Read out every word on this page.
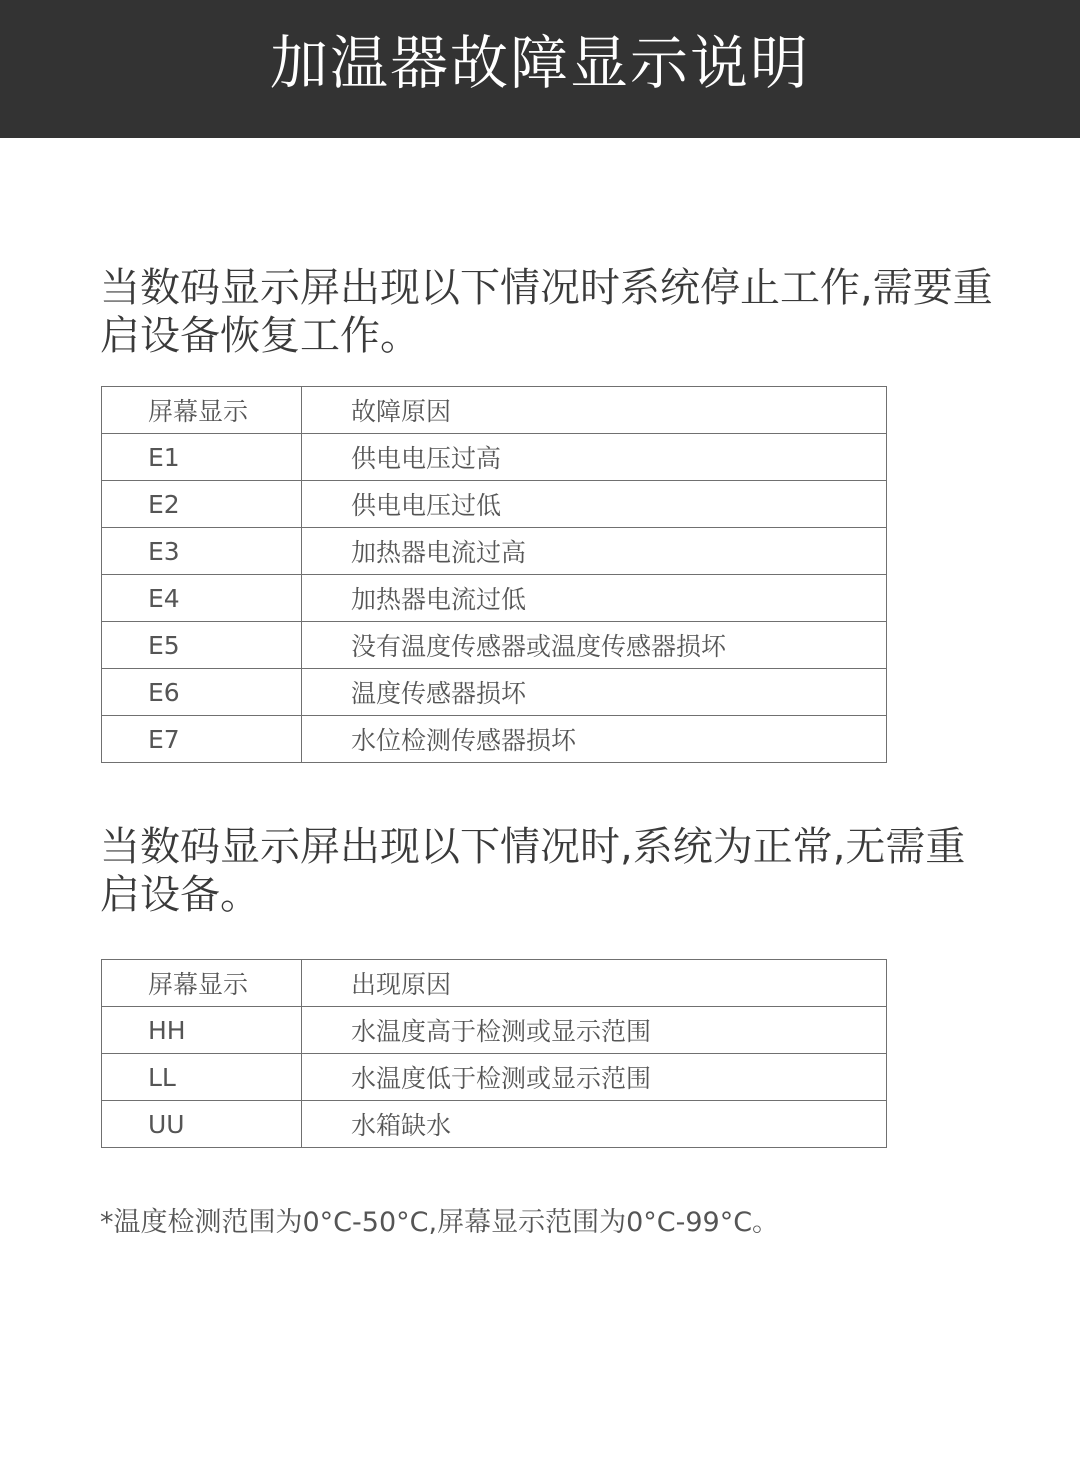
加温器故障显示说明

当数码显示屏出现以下情况时系统停止工作,需要重启设备恢复工作。

屏幕显示	故障原因
E1	供电电压过高
E2	供电电压过低
E3	加热器电流过高
E4	加热器电流过低
E5	没有温度传感器或温度传感器损坏
E6	温度传感器损坏
E7	水位检测传感器损坏

当数码显示屏出现以下情况时,系统为正常,无需重启设备。

屏幕显示	出现原因
HH	水温度高于检测或显示范围
LL	水温度低于检测或显示范围
UU	水箱缺水

*温度检测范围为0°C-50°C,屏幕显示范围为0°C-99°C。
